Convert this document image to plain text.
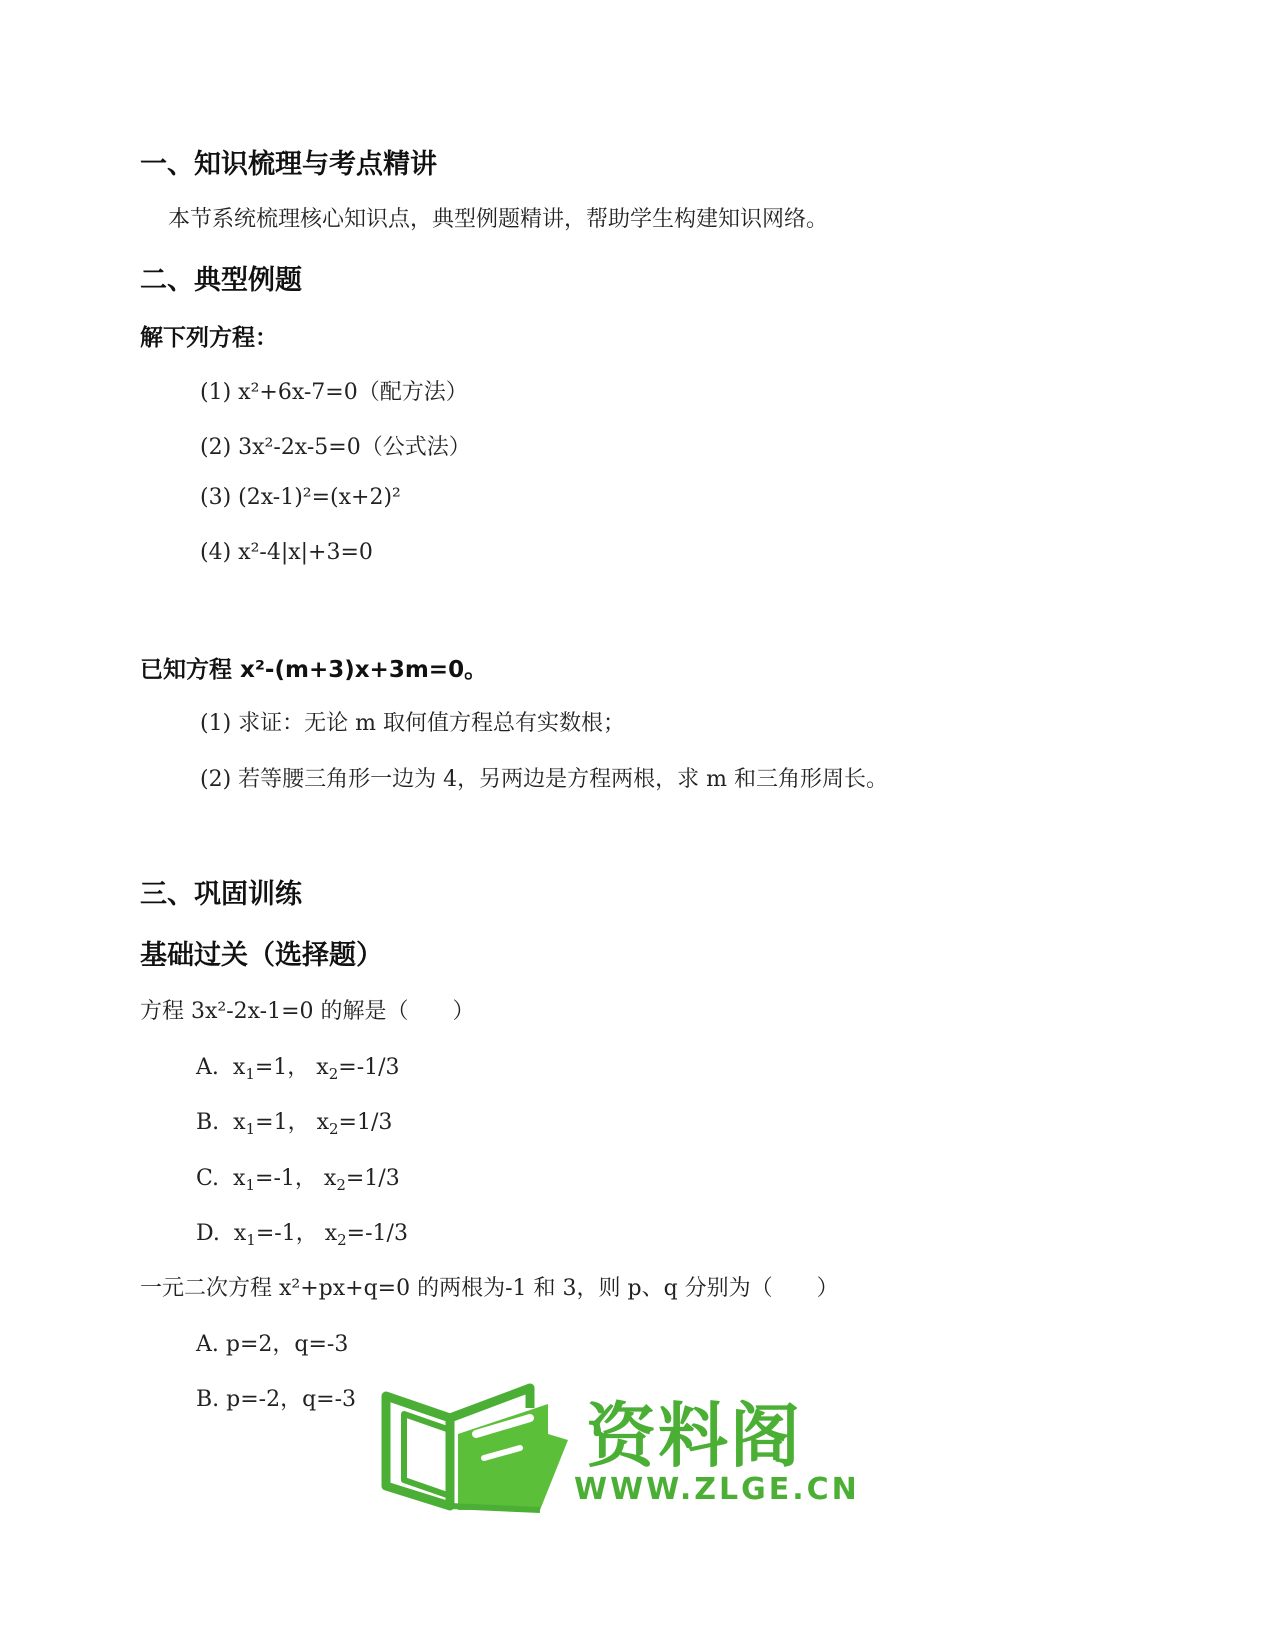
一、知识梳理与考点精讲
本节系统梳理核心知识点，典型例题精讲，帮助学生构建知识网络。
二、典型例题
解下列方程：
(1) x²+6x-7=0（配方法）
(2) 3x²-2x-5=0（公式法）
(3) (2x-1)²=(x+2)²
(4) x²-4|x|+3=0
已知方程 x²-(m+3)x+3m=0。
(1) 求证：无论 m 取何值方程总有实数根；
(2) 若等腰三角形一边为 4，另两边是方程两根，求 m 和三角形周长。
三、巩固训练
基础过关（选择题）
方程 3x²-2x-1=0 的解是（　　）
A. $x_1=1$， $x_2=-1/3$
B. $x_1=1$， $x_2=1/3$
C. $x_1=-1$， $x_2=1/3$
D. $x_1=-1$， $x_2=-1/3$
一元二次方程 x²+px+q=0 的两根为-1 和 3，则 p、q 分别为（　　）
A. p=2，q=-3
B. p=-2，q=-3	资料阁
WWW.ZLGE.CN
